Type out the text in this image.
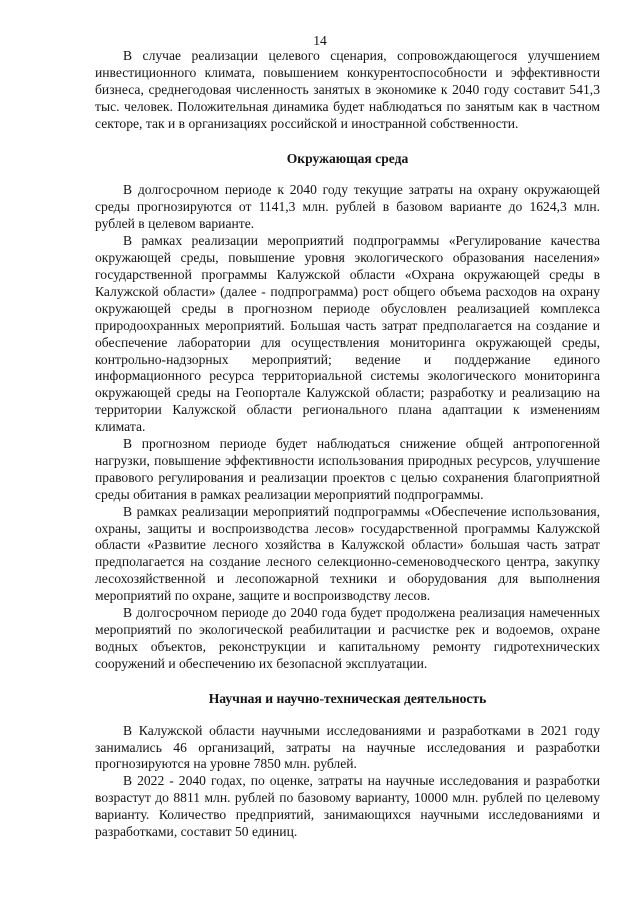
14

В случае реализации целевого сценария, сопровождающегося улучшением инвестиционного климата, повышением конкурентоспособности и эффективности бизнеса, среднегодовая численность занятых в экономике к 2040 году составит 541,3 тыс. человек. Положительная динамика будет наблюдаться по занятым как в частном секторе, так и в организациях российской и иностранной собственности.

Окружающая среда

В долгосрочном периоде к 2040 году текущие затраты на охрану окружающей среды прогнозируются от 1141,3 млн. рублей в базовом варианте до 1624,3 млн. рублей в целевом варианте.

В рамках реализации мероприятий подпрограммы «Регулирование качества окружающей среды, повышение уровня экологического образования населения» государственной программы Калужской области «Охрана окружающей среды в Калужской области» (далее - подпрограмма) рост общего объема расходов на охрану окружающей среды в прогнозном периоде обусловлен реализацией комплекса природоохранных мероприятий. Большая часть затрат предполагается на создание и обеспечение лаборатории для осуществления мониторинга окружающей среды, контрольно-надзорных мероприятий; ведение и поддержание единого информационного ресурса территориальной системы экологического мониторинга окружающей среды на Геопортале Калужской области; разработку и реализацию на территории Калужской области регионального плана адаптации к изменениям климата.

В прогнозном периоде будет наблюдаться снижение общей антропогенной нагрузки, повышение эффективности использования природных ресурсов, улучшение правового регулирования и реализации проектов с целью сохранения благоприятной среды обитания в рамках реализации мероприятий подпрограммы.

В рамках реализации мероприятий подпрограммы «Обеспечение использования, охраны, защиты и воспроизводства лесов» государственной программы Калужской области «Развитие лесного хозяйства в Калужской области» большая часть затрат предполагается на создание лесного селекционно-семеноводческого центра, закупку лесохозяйственной и лесопожарной техники и оборудования для выполнения мероприятий по охране, защите и воспроизводству лесов.

В долгосрочном периоде до 2040 года будет продолжена реализация намеченных мероприятий по экологической реабилитации и расчистке рек и водоемов, охране водных объектов, реконструкции и капитальному ремонту гидротехнических сооружений и обеспечению их безопасной эксплуатации.

Научная и научно-техническая деятельность

В Калужской области научными исследованиями и разработками в 2021 году занимались 46 организаций, затраты на научные исследования и разработки прогнозируются на уровне 7850 млн. рублей.

В 2022 - 2040 годах, по оценке, затраты на научные исследования и разработки возрастут до 8811 млн. рублей по базовому варианту, 10000 млн. рублей по целевому варианту. Количество предприятий, занимающихся научными исследованиями и разработками, составит 50 единиц.
